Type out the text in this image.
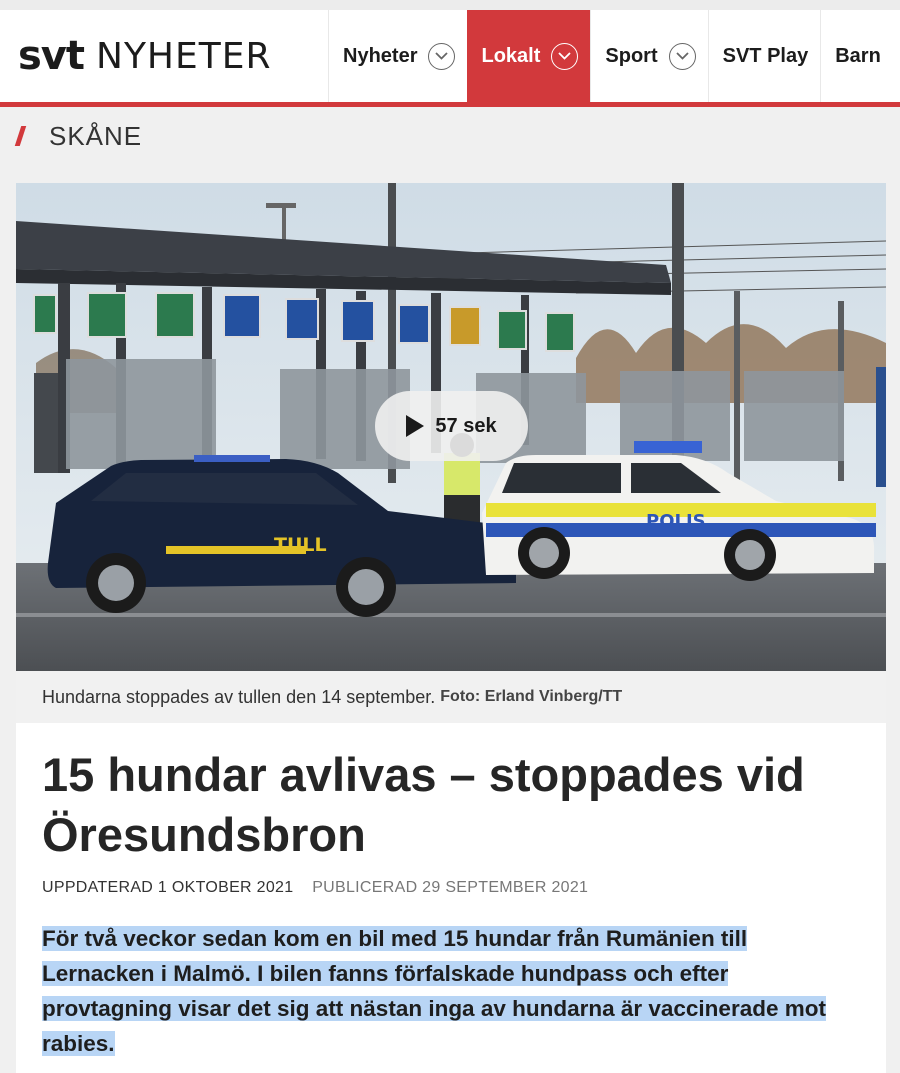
svt NYHETER	Nyheter	Lokalt	Sport	SVT Play Barn
SKÅNE
TULL
POLIS
57 sek
Hundarna stoppades av tullen den 14 september. Foto: Erland Vinberg/TT
15 hundar avlivas – stoppades vid Öresundsbron
UPPDATERAD 1 OKTOBER 2021 PUBLICERAD 29 SEPTEMBER 2021

För två veckor sedan kom en bil med 15 hundar från Rumänien till Lernacken i Malmö. I bilen fanns förfalskade hundpass och efter provtagning visar det sig att nästan inga av hundarna är vaccinerade mot rabies.
